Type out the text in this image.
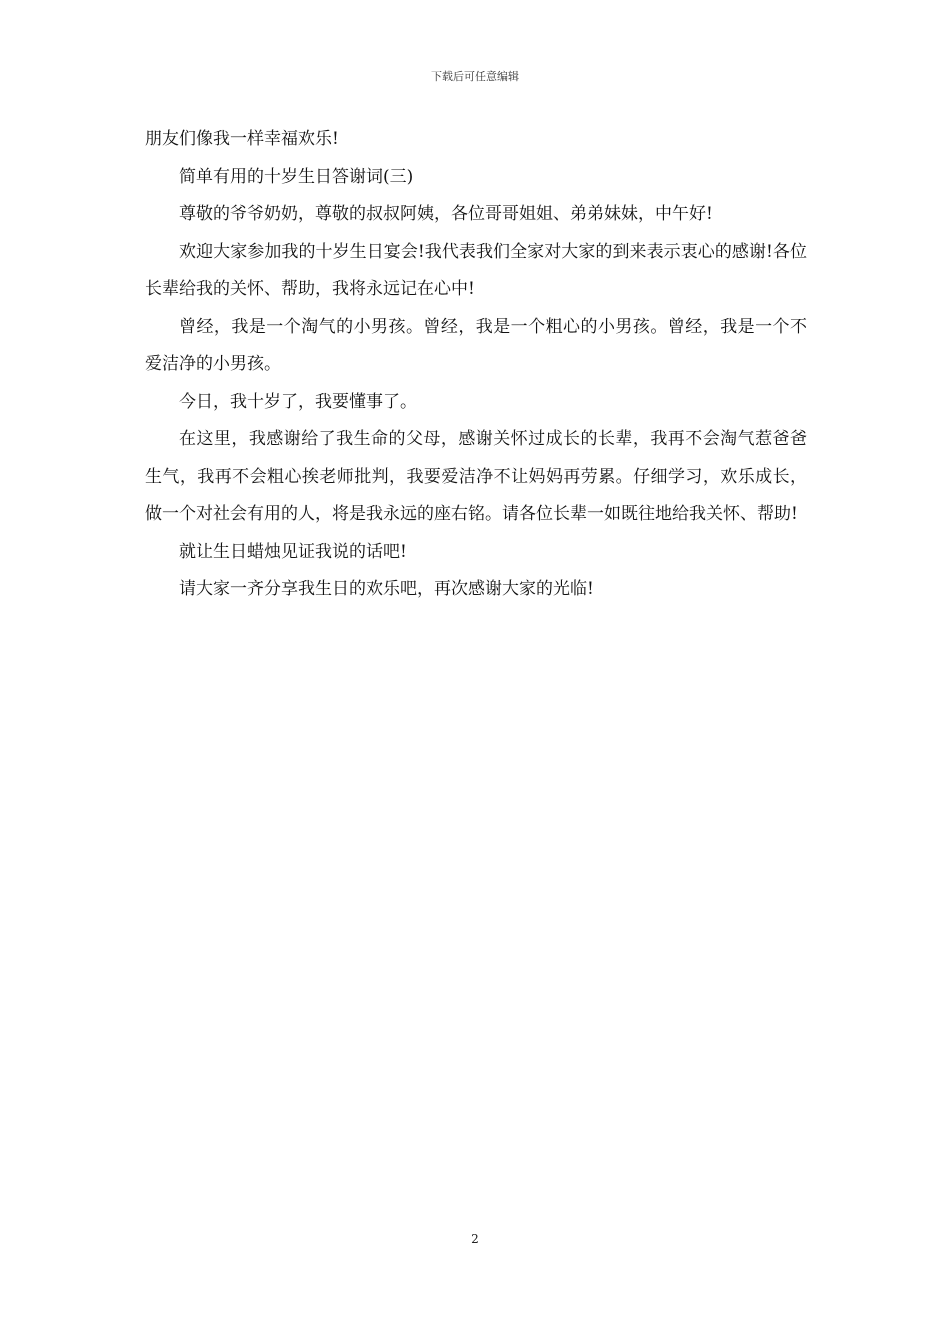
下载后可任意编辑

朋友们像我一样幸福欢乐!

简单有用的十岁生日答谢词(三)

尊敬的爷爷奶奶，尊敬的叔叔阿姨，各位哥哥姐姐、弟弟妹妹，中午好!

欢迎大家参加我的十岁生日宴会!我代表我们全家对大家的到来表示衷心的感谢!各位长辈给我的关怀、帮助，我将永远记在心中!

曾经，我是一个淘气的小男孩。曾经，我是一个粗心的小男孩。曾经，我是一个不爱洁净的小男孩。

今日，我十岁了，我要懂事了。

在这里，我感谢给了我生命的父母，感谢关怀过成长的长辈，我再不会淘气惹爸爸生气，我再不会粗心挨老师批判，我要爱洁净不让妈妈再劳累。仔细学习，欢乐成长，做一个对社会有用的人，将是我永远的座右铭。请各位长辈一如既往地给我关怀、帮助!

就让生日蜡烛见证我说的话吧!

请大家一齐分享我生日的欢乐吧，再次感谢大家的光临!

2
